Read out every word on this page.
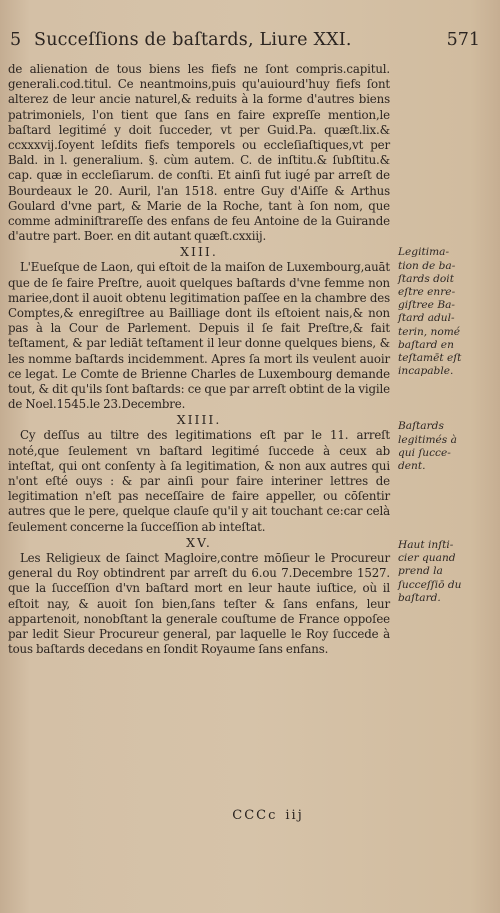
5 Succeſſions de baſtards, Liure XXI.	571

de alienation de tous biens les fiefs ne ſont compris.capitul. generali.cod.titul. Ce neantmoins,puis qu'auiourd'huy fiefs ſont alterez de leur ancie naturel,& reduits à la forme d'autres biens patrimoniels, l'on tient que ſans en faire expreſſe mention,le baſtard legitimé y doit ſucceder, vt per Guid.Pa. quæſt.lix.& ccxxxvij.ſoyent leſdits fiefs temporels ou eccleſiaſtiques,vt per Bald. in l. generalium. §. cùm autem. C. de inſtitu.& ſubſtitu.& cap. quæ in eccleſiarum. de conſti. Et ainſi fut iugé par arreſt de Bourdeaux le 20. Auril, l'an 1518. entre Guy d'Aiſſe & Arthus Goulard d'vne part, & Marie de la Roche, tant à ſon nom, que comme adminiſtrareſſe des enfans de feu Antoine de la Guirande d'autre part. Boer. en dit autant quæſt.cxxiij.

XIII.

L'Eueſque de Laon, qui eſtoit de la maiſon de Luxembourg,auāt que de ſe faire Preſtre, auoit quelques baſtards d'vne femme non mariee,dont il auoit obtenu legitimation paſſee en la chambre des Comptes,& enregiſtree au Bailliage dont ils eſtoient nais,& non pas à la Cour de Parlement. Depuis il ſe fait Preſtre,& fait teſtament, & par lediāt teſtament il leur donne quelques biens, & les nomme baſtards incidemment. Apres ſa mort ils veulent auoir ce legat. Le Comte de Brienne Charles de Luxembourg demande tout, & dit qu'ils ſont baſtards: ce que par arreſt obtint de la vigile de Noel.1545.le 23.Decembre.

Legitima-
tion de ba-
ſtards doit
eſtre enre-
giſtree Ba-
ſtard adul-
terin, nomé
baſtard en
teſtamēt eſt
incapable.

XIIII.

Cy deſſus au tiltre des legitimations eſt par le 11. arreſt noté,que ſeulement vn baſtard legitimé ſuccede à ceux ab inteſtat, qui ont conſenty à ſa legitimation, & non aux autres qui n'ont eſté ouys : & par ainſi pour faire interiner lettres de legitimation n'eſt pas neceſſaire de faire appeller, ou cōſentir autres que le pere, quelque clauſe qu'il y ait touchant ce:car celà ſeulement concerne la ſucceſſion ab inteſtat.

Baſtards
legitimés à
qui ſucce-
dent.

XV.

Les Religieux de ſainct Magloire,contre mōſieur le Procureur general du Roy obtindrent par arreſt du 6.ou 7.Decembre 1527. que la ſucceſſion d'vn baſtard mort en leur haute iuſtice, où il eſtoit nay, & auoit ſon bien,ſans teſter & ſans enfans, leur appartenoit, nonobſtant la generale couſtume de France oppoſee par ledit Sieur Procureur general, par laquelle le Roy ſuccede à tous baſtards decedans en ſondit Royaume ſans enfans.

Haut inſti-
cier quand
prend la
ſucceſſiō du
baſtard.
CCCc iij
